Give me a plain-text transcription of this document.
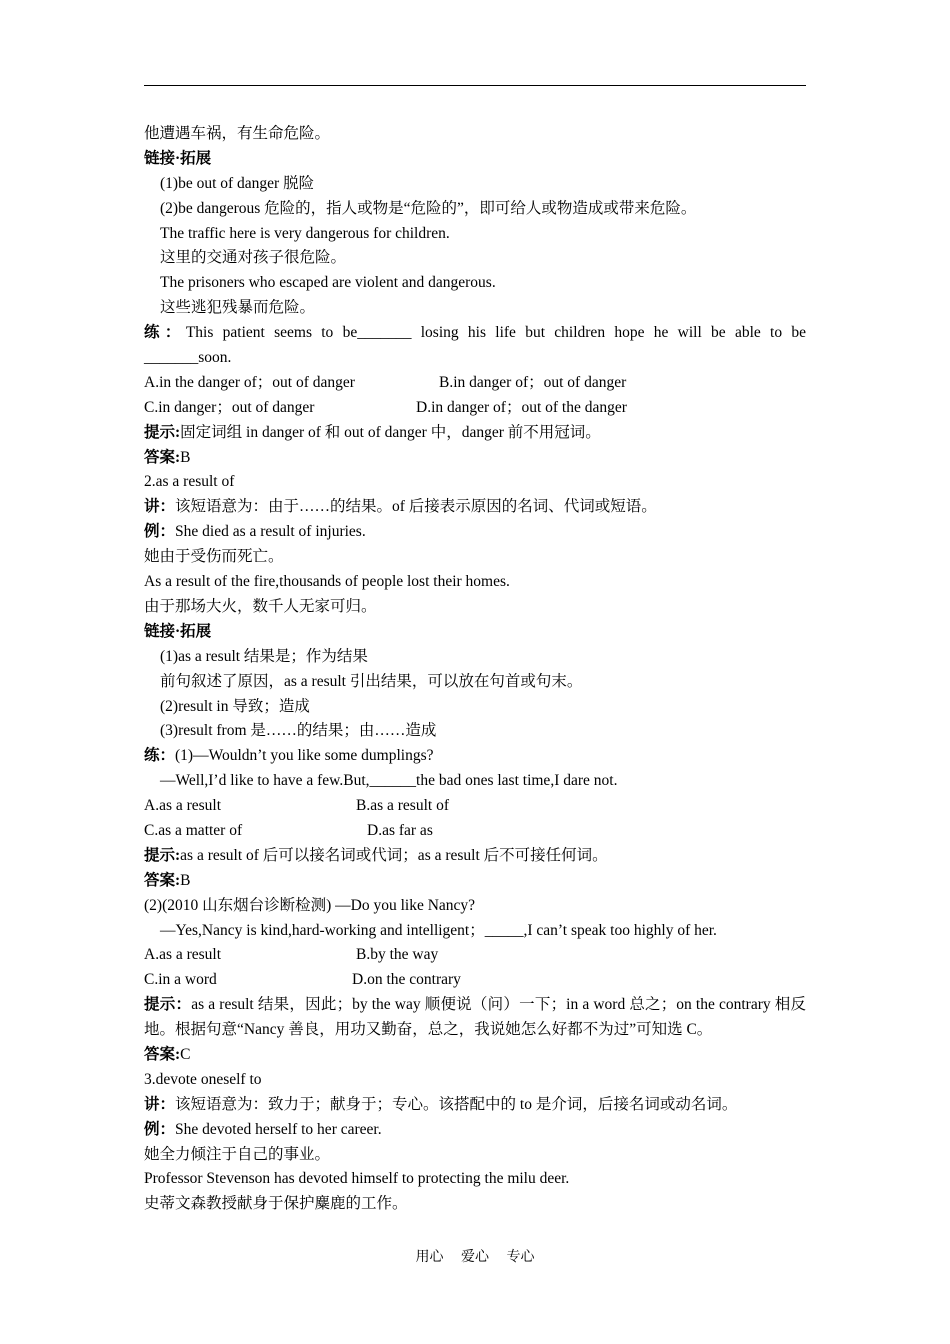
他遭遇车祸，有生命危险。
链接·拓展
(1)be out of danger 脱险
(2)be dangerous 危险的，指人或物是“危险的”，即可给人或物造成或带来危险。
The traffic here is very dangerous for children.
这里的交通对孩子很危险。
The prisoners who escaped are violent and dangerous.
这些逃犯残暴而危险。
练：This patient seems to be_______ losing his life but children hope he will be able to be
_______soon.
A.in the danger of；out of danger	B.in danger of；out of danger
C.in danger；out of danger	D.in danger of；out of the danger
提示:固定词组 in danger of 和 out of danger 中，danger 前不用冠词。
答案:B
2.as a result of
讲：该短语意为：由于……的结果。of 后接表示原因的名词、代词或短语。
例：She died as a result of injuries.
她由于受伤而死亡。
As a result of the fire,thousands of people lost their homes.
由于那场大火，数千人无家可归。
链接·拓展
(1)as a result 结果是；作为结果
前句叙述了原因，as a result 引出结果，可以放在句首或句末。
(2)result in 导致；造成
(3)result from 是……的结果；由……造成
练：(1)—Wouldn’t you like some dumplings?
—Well,I’d like to have a few.But,______the bad ones last time,I dare not.
A.as a result	B.as a result of
C.as a matter of	D.as far as
提示:as a result of 后可以接名词或代词；as a result 后不可接任何词。
答案:B
(2)(2010 山东烟台诊断检测) —Do you like Nancy?
—Yes,Nancy is kind,hard-working and intelligent；_____,I can’t speak too highly of her.
A.as a result	B.by the way
C.in a word	D.on the contrary
提示：as a result 结果，因此；by the way 顺便说（问）一下；in a word 总之；on the contrary 相反
地。根据句意“Nancy 善良，用功又勤奋，总之，我说她怎么好都不为过”可知选 C。
答案:C
3.devote oneself to
讲：该短语意为：致力于；献身于；专心。该搭配中的 to 是介词，后接名词或动名词。
例：She devoted herself to her career.
她全力倾注于自己的事业。
Professor Stevenson has devoted himself to protecting the milu deer.
史蒂文森教授献身于保护麋鹿的工作。
用心 爱心 专心
